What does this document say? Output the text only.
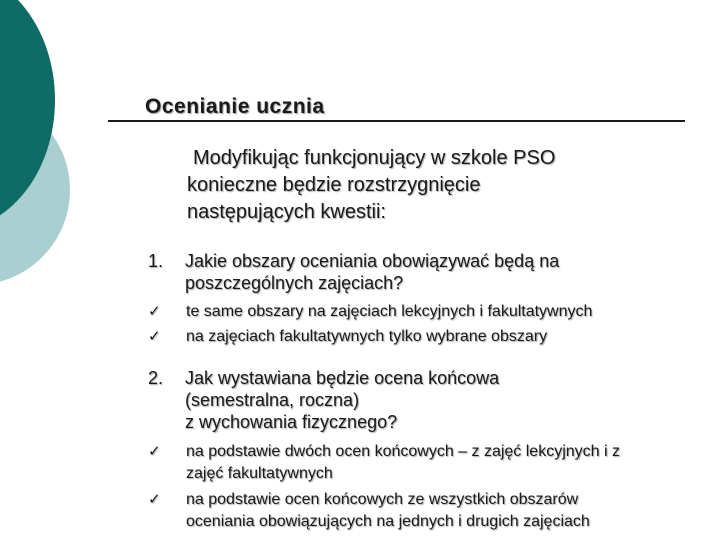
Ocenianie ucznia
Modyfikując funkcjonujący w szkole PSO
konieczne będzie rozstrzygnięcie
następujących kwestii:
1. Jakie obszary oceniania obowiązywać będą na
poszczególnych zajęciach?
✓ te same obszary na zajęciach lekcyjnych i fakultatywnych
✓ na zajęciach fakultatywnych tylko wybrane obszary
2. Jak wystawiana będzie ocena końcowa
(semestralna, roczna)
z wychowania fizycznego?
✓ na podstawie dwóch ocen końcowych – z zajęć lekcyjnych i z
zajęć fakultatywnych
✓ na podstawie ocen końcowych ze wszystkich obszarów
oceniania obowiązujących na jednych i drugich zajęciach
